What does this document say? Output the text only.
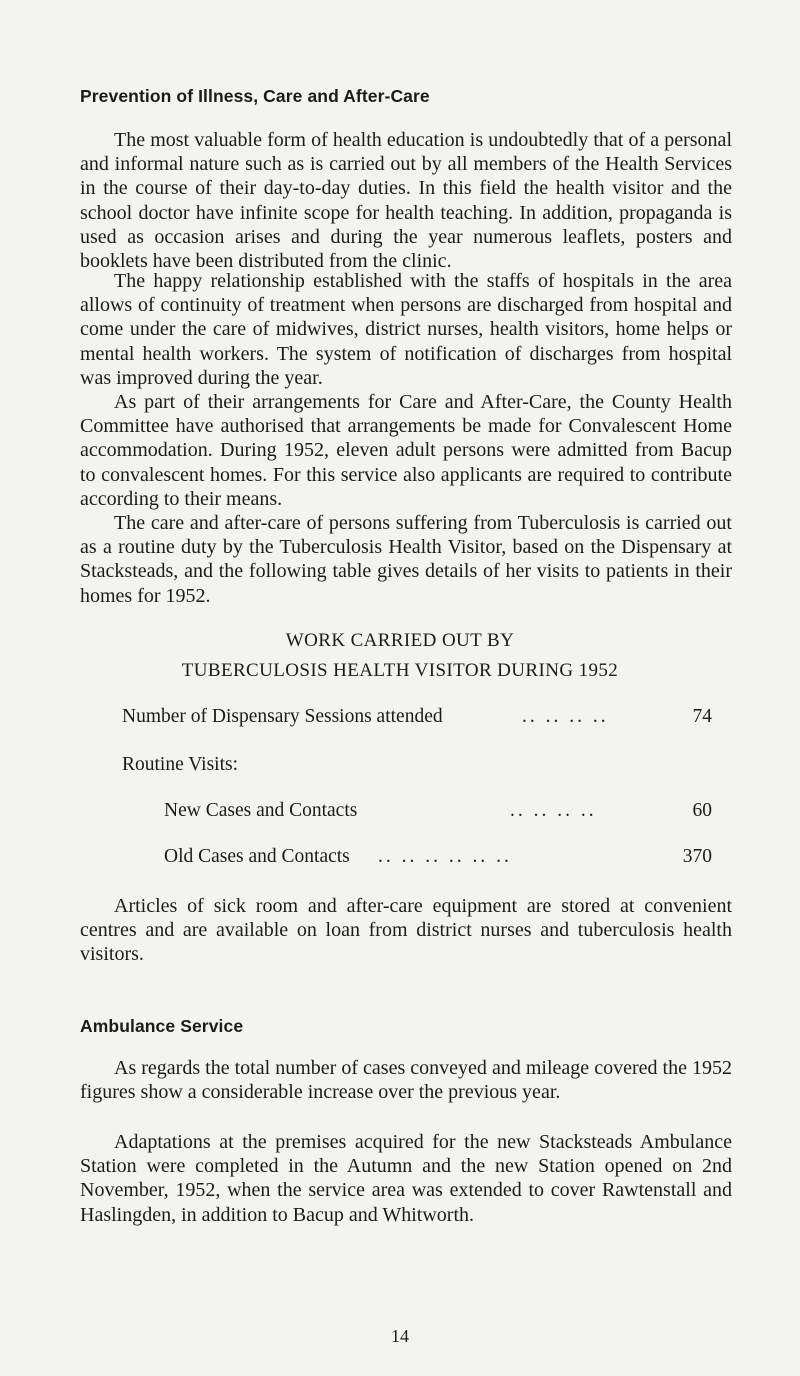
Prevention of Illness, Care and After-Care

The most valuable form of health education is undoubtedly that of a personal and informal nature such as is carried out by all members of the Health Services in the course of their day-to-day duties. In this field the health visitor and the school doctor have infinite scope for health teaching. In addition, propaganda is used as occasion arises and during the year numerous leaflets, posters and booklets have been distributed from the clinic.

The happy relationship established with the staffs of hospitals in the area allows of continuity of treatment when persons are discharged from hospital and come under the care of midwives, district nurses, health visitors, home helps or mental health workers. The system of notification of discharges from hospital was improved during the year.

As part of their arrangements for Care and After-Care, the County Health Committee have authorised that arrangements be made for Convalescent Home accommodation. During 1952, eleven adult persons were admitted from Bacup to convalescent homes. For this service also applicants are required to contribute according to their means.

The care and after-care of persons suffering from Tuberculosis is carried out as a routine duty by the Tuberculosis Health Visitor, based on the Dispensary at Stacksteads, and the following table gives details of her visits to patients in their homes for 1952.

WORK CARRIED OUT BY
TUBERCULOSIS HEALTH VISITOR DURING 1952
Number of Dispensary Sessions attended	.. .. .. ..	74
Routine Visits:
New Cases and Contacts	.. .. .. ..	60
Old Cases and Contacts .. .. .. .. .. ..	370

Articles of sick room and after-care equipment are stored at convenient centres and are available on loan from district nurses and tuberculosis health visitors.

Ambulance Service

As regards the total number of cases conveyed and mileage covered the 1952 figures show a considerable increase over the previous year.

Adaptations at the premises acquired for the new Stacksteads Ambulance Station were completed in the Autumn and the new Station opened on 2nd November, 1952, when the service area was extended to cover Rawtenstall and Haslingden, in addition to Bacup and Whitworth.

14
